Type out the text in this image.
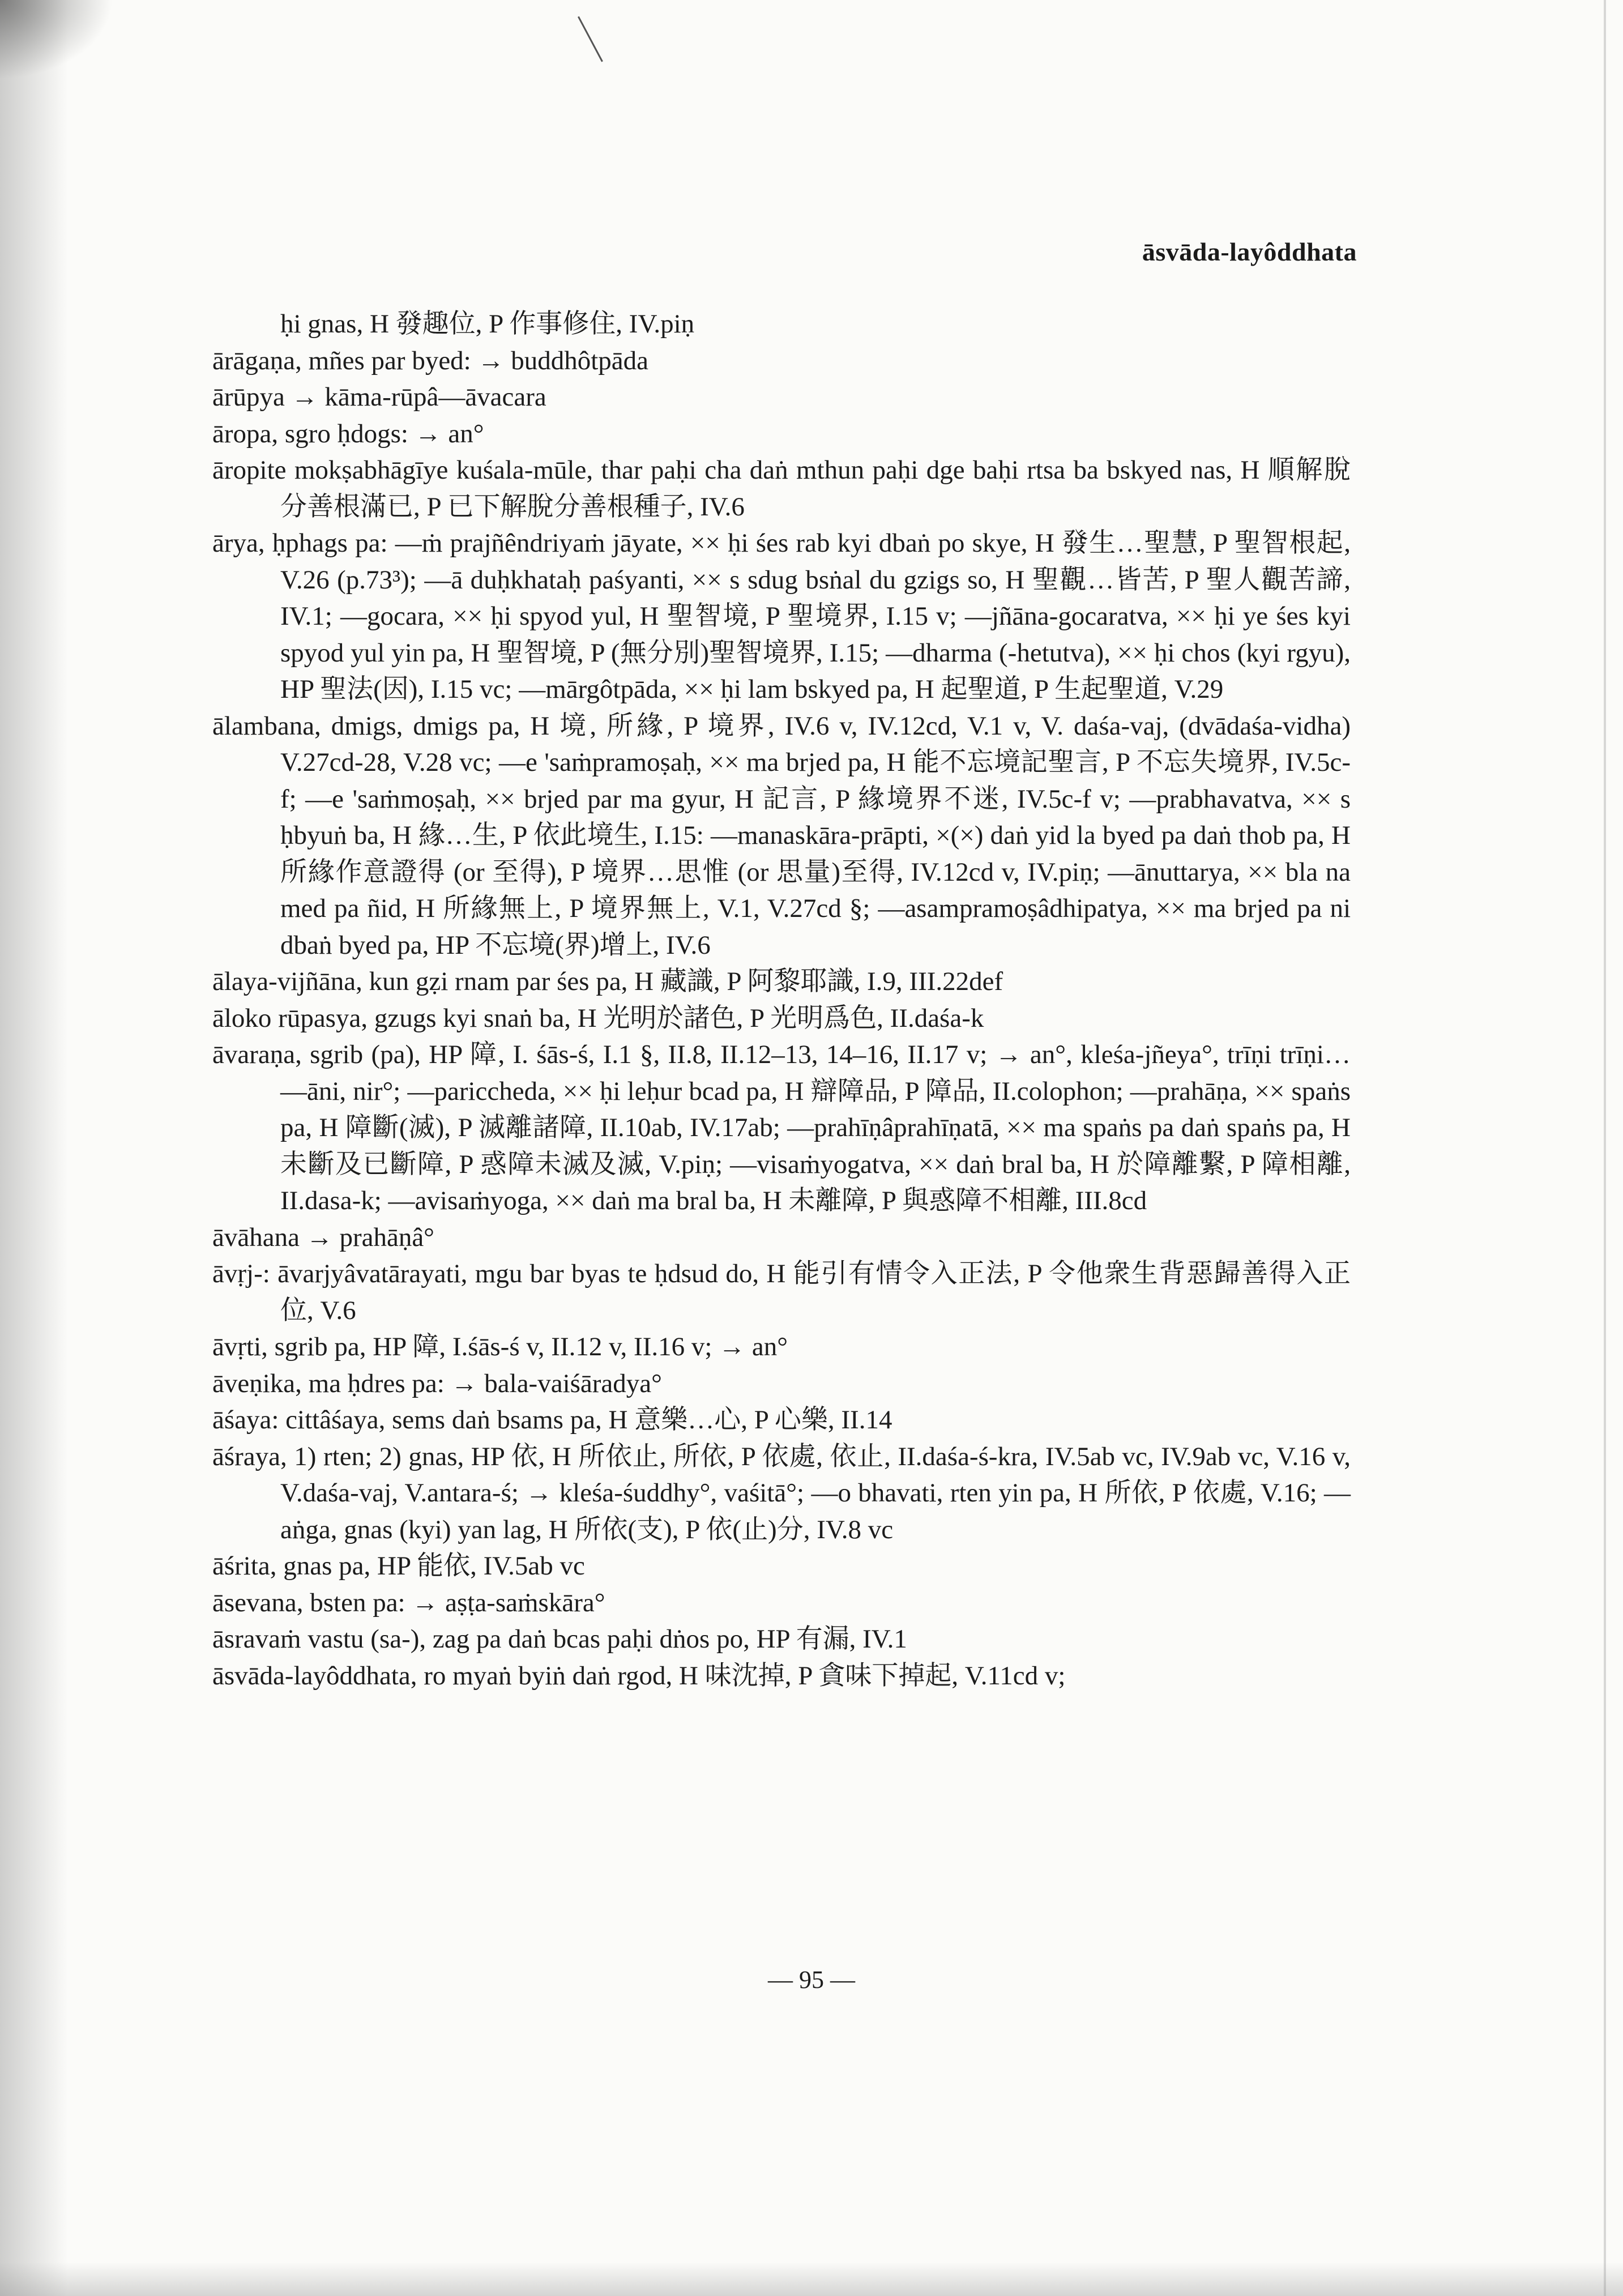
āsvāda-layôddhata

ḥi gnas, H 發趣位, P 作事修住, IV.piṇ

ārāgaṇa, mñes par byed: → buddhôtpāda

ārūpya → kāma-rūpâ—āvacara

āropa, sgro ḥdogs: → an°

āropite mokṣabhāgīye kuśala-mūle, thar paḥi cha daṅ mthun paḥi dge baḥi rtsa ba bskyed nas, H 順解脫分善根滿已, P 已下解脫分善根種子, IV.6

ārya, ḥphags pa: —ṁ prajñêndriyaṁ jāyate, ×× ḥi śes rab kyi dbaṅ po skye, H 發生…聖慧, P 聖智根起, V.26 (p.73³); —ā duḥkhataḥ paśyanti, ×× s sdug bsṅal du gzigs so, H 聖觀…皆苦, P 聖人觀苦諦, IV.1; —gocara, ×× ḥi spyod yul, H 聖智境, P 聖境界, I.15 v; —jñāna-gocaratva, ×× ḥi ye śes kyi spyod yul yin pa, H 聖智境, P (無分別)聖智境界, I.15; —dharma (-hetutva), ×× ḥi chos (kyi rgyu), HP 聖法(因), I.15 vc; —mārgôtpāda, ×× ḥi lam bskyed pa, H 起聖道, P 生起聖道, V.29

ālambana, dmigs, dmigs pa, H 境, 所緣, P 境界, IV.6 v, IV.12cd, V.1 v, V. daśa-vaj, (dvādaśa-vidha) V.27cd-28, V.28 vc; —e 'saṁpramoṣaḥ, ×× ma brjed pa, H 能不忘境記聖言, P 不忘失境界, IV.5c-f; —e 'saṁmoṣaḥ, ×× brjed par ma gyur, H 記言, P 緣境界不迷, IV.5c-f v; —prabhavatva, ×× s ḥbyuṅ ba, H 緣…生, P 依此境生, I.15: —manaskāra-prāpti, ×(×) daṅ yid la byed pa daṅ thob pa, H 所緣作意證得 (or 至得), P 境界…思惟 (or 思量)至得, IV.12cd v, IV.piṇ; —ānuttarya, ×× bla na med pa ñid, H 所緣無上, P 境界無上, V.1, V.27cd §; —asampramoṣâdhipatya, ×× ma brjed pa ni dbaṅ byed pa, HP 不忘境(界)增上, IV.6

ālaya-vijñāna, kun gẓi rnam par śes pa, H 藏識, P 阿黎耶識, I.9, III.22def

āloko rūpasya, gzugs kyi snaṅ ba, H 光明於諸色, P 光明爲色, II.daśa-k

āvaraṇa, sgrib (pa), HP 障, I. śās-ś, I.1 §, II.8, II.12–13, 14–16, II.17 v; → an°, kleśa-jñeya°, trīṇi trīṇi… —āni, nir°; —pariccheda, ×× ḥi leḥur bcad pa, H 辯障品, P 障品, II.colophon; —prahāṇa, ×× spaṅs pa, H 障斷(滅), P 滅離諸障, II.10ab, IV.17ab; —prahīṇâprahīṇatā, ×× ma spaṅs pa daṅ spaṅs pa, H 未斷及已斷障, P 惑障未滅及滅, V.piṇ; —visaṁyogatva, ×× daṅ bral ba, H 於障離繫, P 障相離, II.dasa-k; —avisaṁyoga, ×× daṅ ma bral ba, H 未離障, P 與惑障不相離, III.8cd

āvāhana → prahāṇâ°

āvṛj-: āvarjyâvatārayati, mgu bar byas te ḥdsud do, H 能引有情令入正法, P 令他衆生背惡歸善得入正位, V.6

āvṛti, sgrib pa, HP 障, I.śās-ś v, II.12 v, II.16 v; → an°

āveṇika, ma ḥdres pa: → bala-vaiśāradya°

āśaya: cittâśaya, sems daṅ bsams pa, H 意樂…心, P 心樂, II.14

āśraya, 1) rten; 2) gnas, HP 依, H 所依止, 所依, P 依處, 依止, II.daśa-ś-kra, IV.5ab vc, IV.9ab vc, V.16 v, V.daśa-vaj, V.antara-ś; → kleśa-śuddhy°, vaśitā°; —o bhavati, rten yin pa, H 所依, P 依處, V.16; —aṅga, gnas (kyi) yan lag, H 所依(支), P 依(止)分, IV.8 vc

āśrita, gnas pa, HP 能依, IV.5ab vc

āsevana, bsten pa: → aṣṭa-saṁskāra°

āsravaṁ vastu (sa-), zag pa daṅ bcas paḥi dṅos po, HP 有漏, IV.1

āsvāda-layôddhata, ro myaṅ byiṅ daṅ rgod, H 味沈掉, P 貪味下掉起, V.11cd v;

— 95 —
